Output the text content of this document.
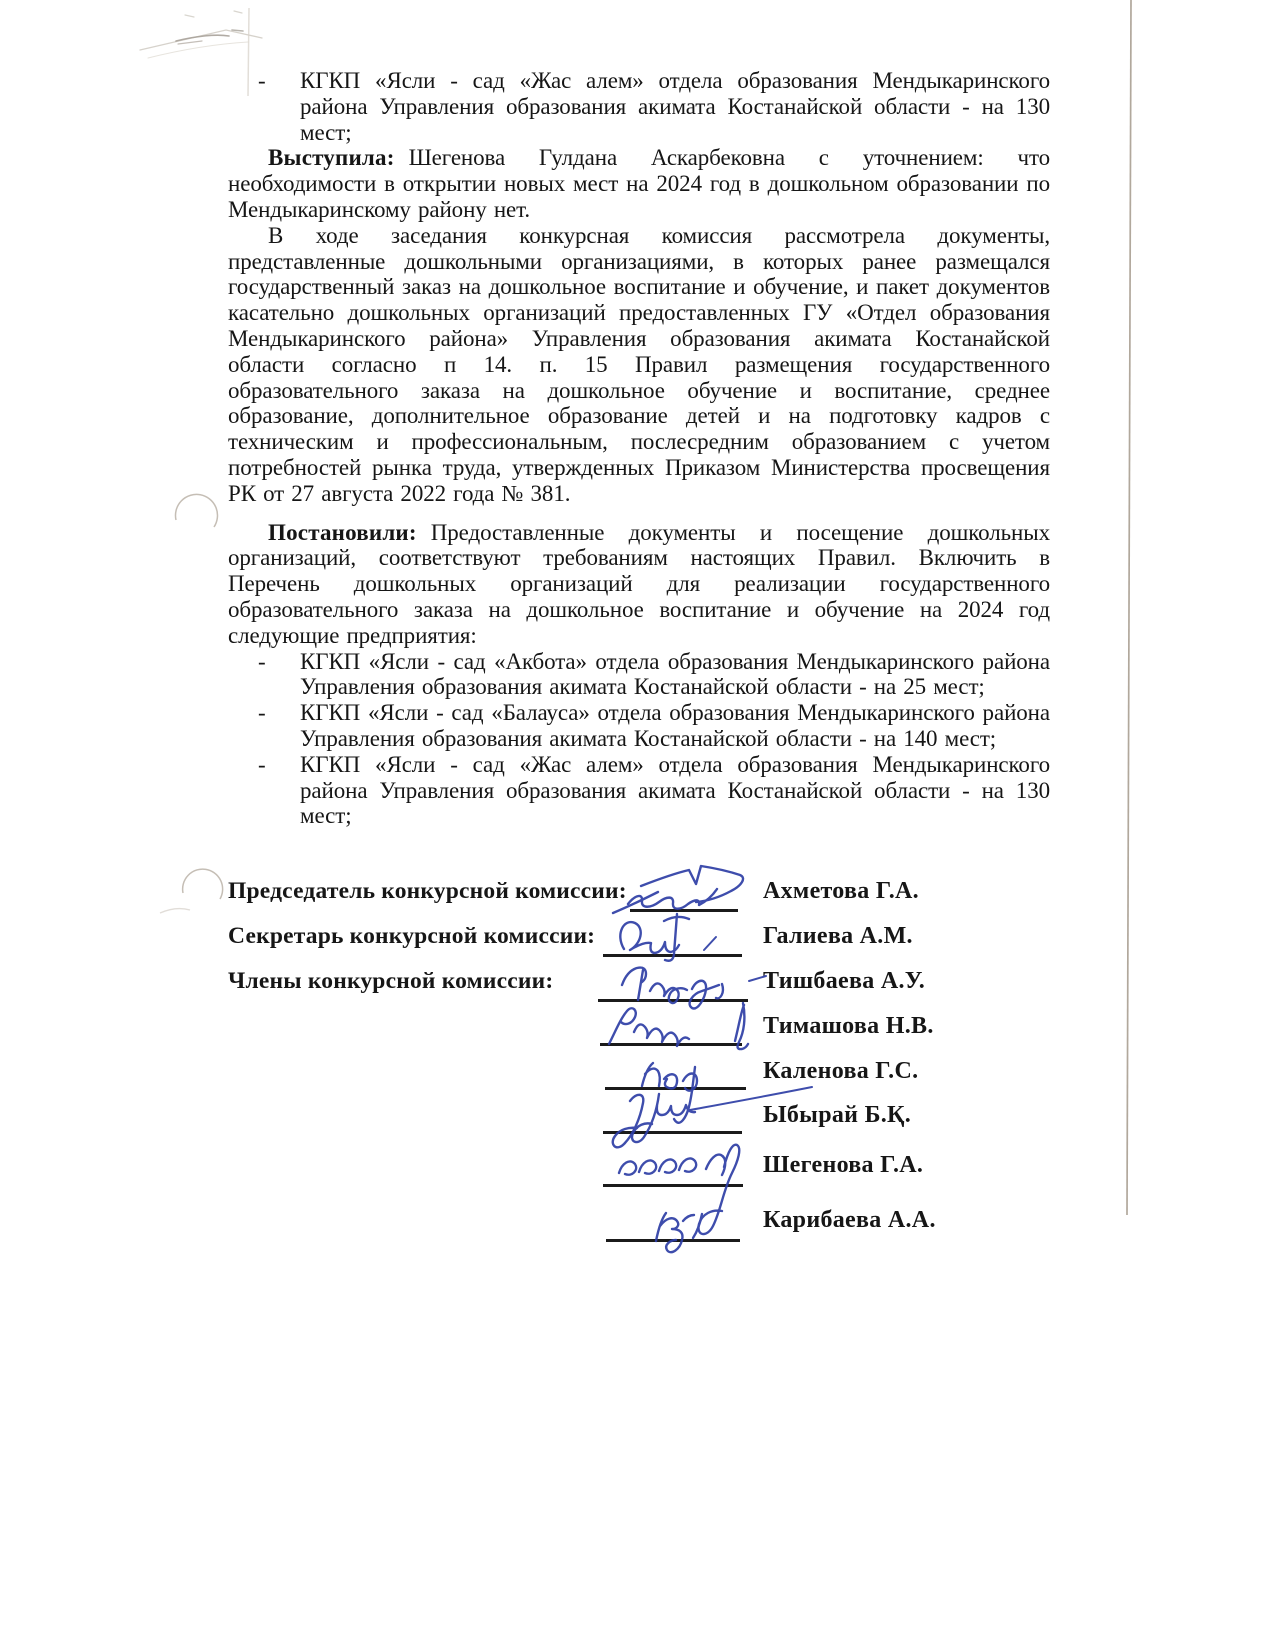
- КГКП «Ясли - сад «Жас алем» отдела образования Мендыкаринского района Управления образования акимата Костанайской области - на 130 мест;

Выступила: Шегенова Гулдана Аскарбековна с уточнением: что необходимости в открытии новых мест на 2024 год в дошкольном образовании по Мендыкаринскому району нет.

В ходе заседания конкурсная комиссия рассмотрела документы, представленные дошкольными организациями, в которых ранее размещался государственный заказ на дошкольное воспитание и обучение, и пакет документов касательно дошкольных организаций предоставленных ГУ «Отдел образования Мендыкаринского района» Управления образования акимата Костанайской области согласно п 14. п. 15 Правил размещения государственного образовательного заказа на дошкольное обучение и воспитание, среднее образование, дополнительное образование детей и на подготовку кадров с техническим и профессиональным, послесредним образованием с учетом потребностей рынка труда, утвержденных Приказом Министерства просвещения РК от 27 августа 2022 года № 381.

Постановили: Предоставленные документы и посещение дошкольных организаций, соответствуют требованиям настоящих Правил. Включить в Перечень дошкольных организаций для реализации государственного образовательного заказа на дошкольное воспитание и обучение на 2024 год следующие предприятия:

- КГКП «Ясли - сад «Акбота» отдела образования Мендыкаринского района Управления образования акимата Костанайской области - на 25 мест;
- КГКП «Ясли - сад «Балауса» отдела образования Мендыкаринского района Управления образования акимата Костанайской области - на 140 мест;
- КГКП «Ясли - сад «Жас алем» отдела образования Мендыкаринского района Управления образования акимата Костанайской области - на 130 мест;
Председатель конкурсной комиссии:	Ахметова Г.А.
Секретарь конкурсной комиссии:	Галиева А.М.
Члены конкурсной комиссии:	Тишбаева А.У.
Тимашова Н.В.
Каленова Г.С.
Ыбырай Б.Қ.
Шегенова Г.А.
Карибаева А.А.
